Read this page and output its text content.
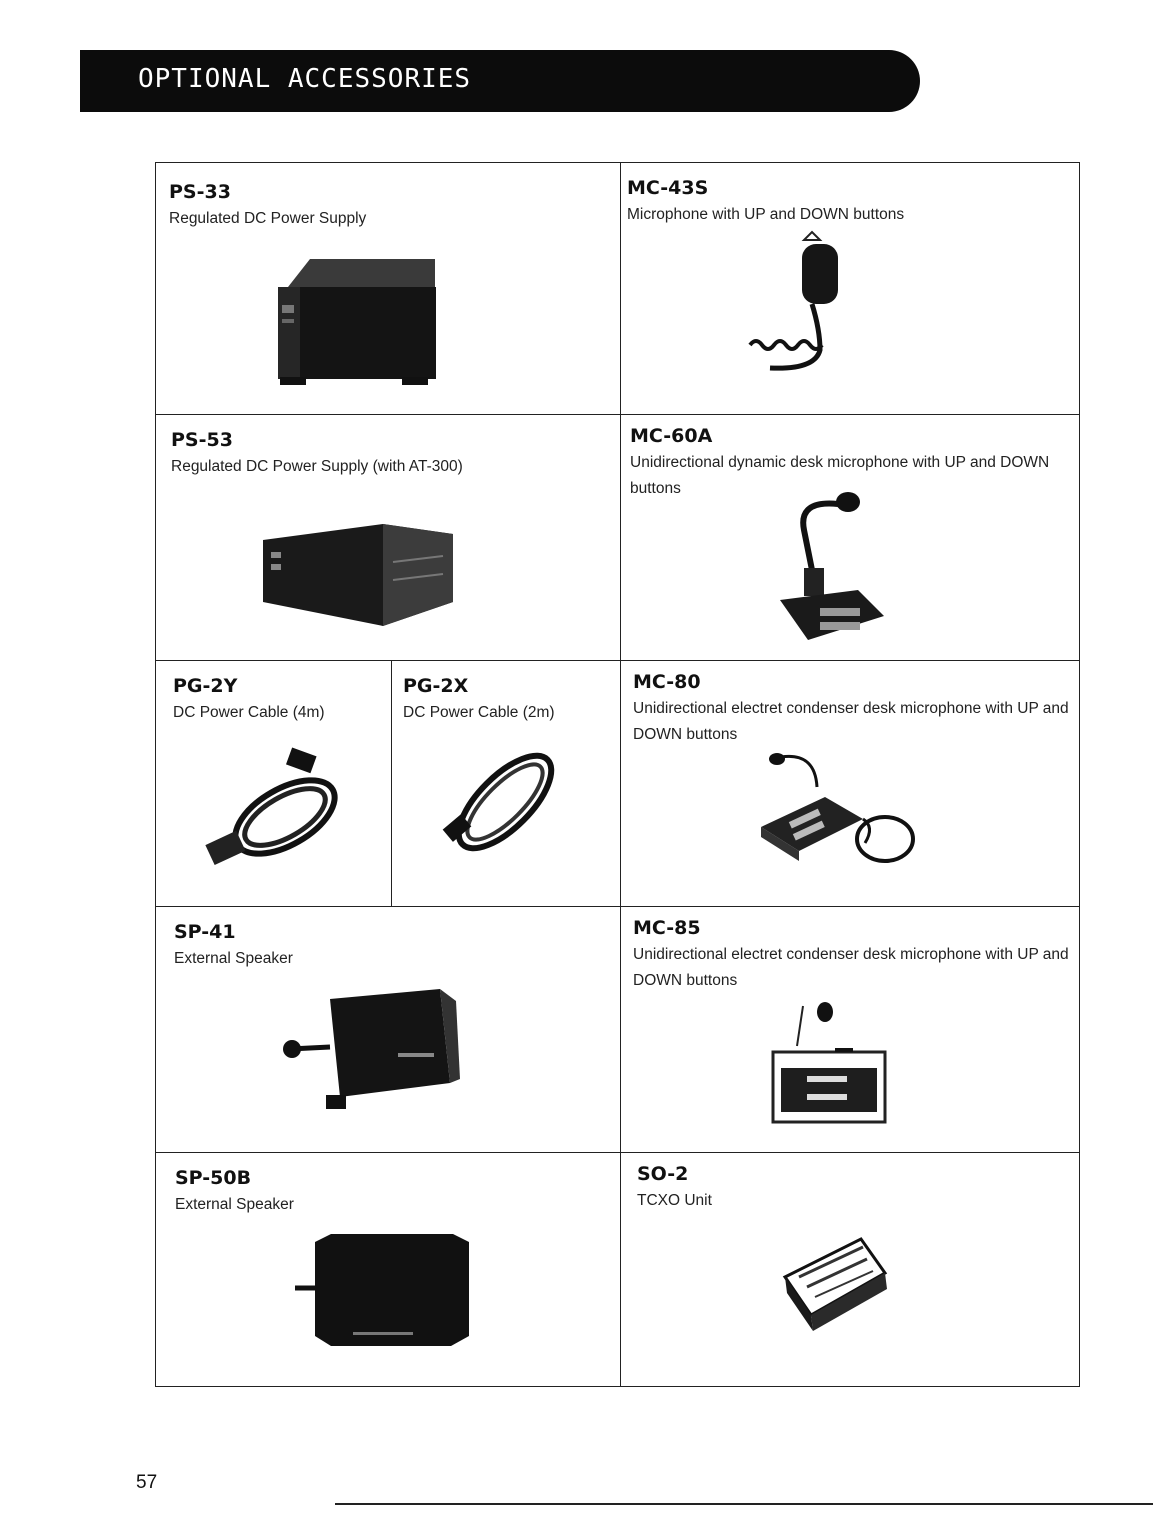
OPTIONAL ACCESSORIES
PS-33
Regulated DC Power Supply
MC-43S
Microphone with UP and DOWN buttons
PS-53
Regulated DC Power Supply (with AT-300)
MC-60A
Unidirectional dynamic desk microphone with UP and DOWN buttons
PG-2Y
DC Power Cable (4m)
PG-2X
DC Power Cable (2m)
MC-80
Unidirectional electret condenser desk microphone with UP and DOWN buttons
SP-41
External Speaker
MC-85
Unidirectional electret condenser desk microphone with UP and DOWN buttons
SP-50B
External Speaker
SO-2
TCXO Unit
57
